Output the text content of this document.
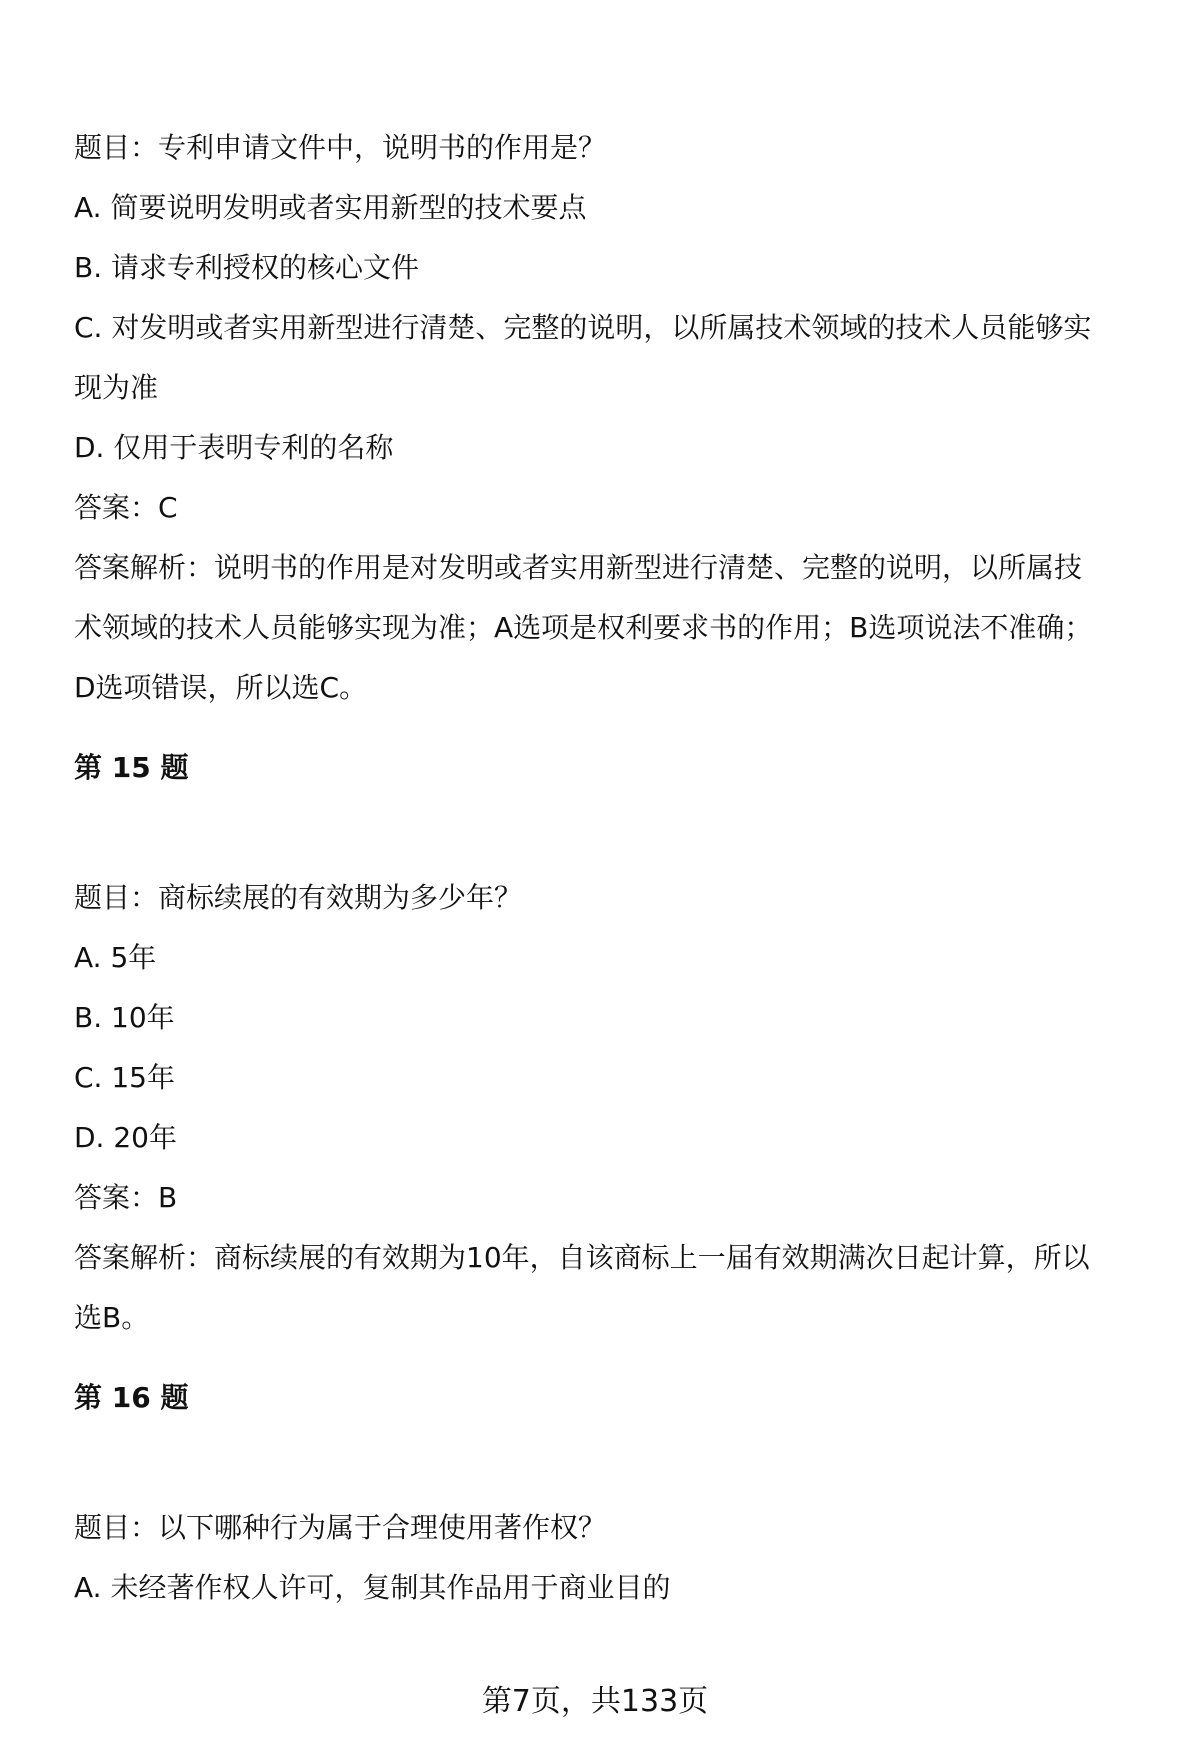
题目：专利申请文件中，说明书的作用是？
A. 简要说明发明或者实用新型的技术要点
B. 请求专利授权的核心文件
C. 对发明或者实用新型进行清楚、完整的说明，以所属技术领域的技术人员能够实
现为准
D. 仅用于表明专利的名称
答案：C
答案解析：说明书的作用是对发明或者实用新型进行清楚、完整的说明，以所属技
术领域的技术人员能够实现为准；A选项是权利要求书的作用；B选项说法不准确；
D选项错误，所以选C。
第 15 题
题目：商标续展的有效期为多少年？
A. 5年
B. 10年
C. 15年
D. 20年
答案：B
答案解析：商标续展的有效期为10年，自该商标上一届有效期满次日起计算，所以
选B。
第 16 题
题目：以下哪种行为属于合理使用著作权？
A. 未经著作权人许可，复制其作品用于商业目的
第7页，共133页
